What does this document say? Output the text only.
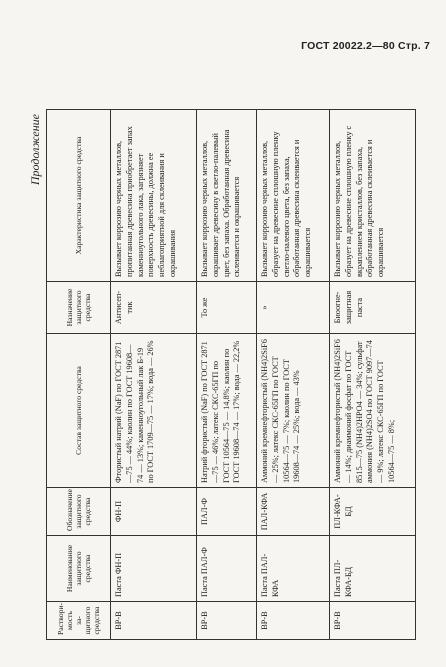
ГОСТ 20022.2—80 Стр. 7
Продолжение
Раствори-мость за-щитного средства	Наименование защитного средства	Обозначение защитного средства	Состав защитного средства	Назначение защитного средства	Характеристика защитного средства
ВР-В	Паста ФН-П	ФН-П	Фтористый натрий (NaF) по ГОСТ 2871—75 — 44%; каолин по ГОСТ 19608—74 — 13%; каменноугольный лак Б-19 по ГОСТ 1709—75 — 17%; вода — 26%	Антисеп-тик	Вызывает коррозию черных металлов, пропитанная древесина приобретает запах каменноугольного лака, загрязняет поверхность древесины, должна ее неблагоприятной для склеивания и окрашивания
ВР-В	Паста ПАЛ-Ф	ПАЛ-Ф	Натрий фтористый (NaF) по ГОСТ 2871—75 — 46%; латекс СКС-65ГП по ГОСТ 10564—75 — 14,8%; каолин по ГОСТ 19608—74 — 17%; вода — 22,2%	То же	Вызывает коррозию черных металлов, окрашивает древесину в светло-палевый цвет, без запаха. Обработанная древесина склеивается и окрашивается
ВР-В	Паста ПАЛ-КФА	ПАЛ-КФА	Аммоний кремнефтористый (NH4)2SiF6 — 25%; латекс СКС-65ГП по ГОСТ 10564—75 — 7%; каолин по ГОСТ 19608—74 — 25%; вода — 43%	»	Вызывает коррозию черных металлов, образует на древесине сплошную пленку светло-палевого цвета, без запаха, обработанная древесина склеивается и окрашивается
ВР-В	Паста ПЛ-КФА-БД	ПЛ-КФА-БД	Аммоний кремнефтористый (NH4)2SiF6 — 14%; диаммоний фосфат по ГОСТ 8515—75 (NH4)2HPO4 — 34%; сульфат аммония (NH4)2SO4 по ГОСТ 9097—74 — 9%; латекс СКС-65ГП по ГОСТ 10564—75 — 8%;	Биоогне-защитная паста	Вызывает коррозию черных металлов, образует на древесине сплошную пленку с вкраплением кристаллов, без запаха, обработанная древесина склеивается и окрашивается
